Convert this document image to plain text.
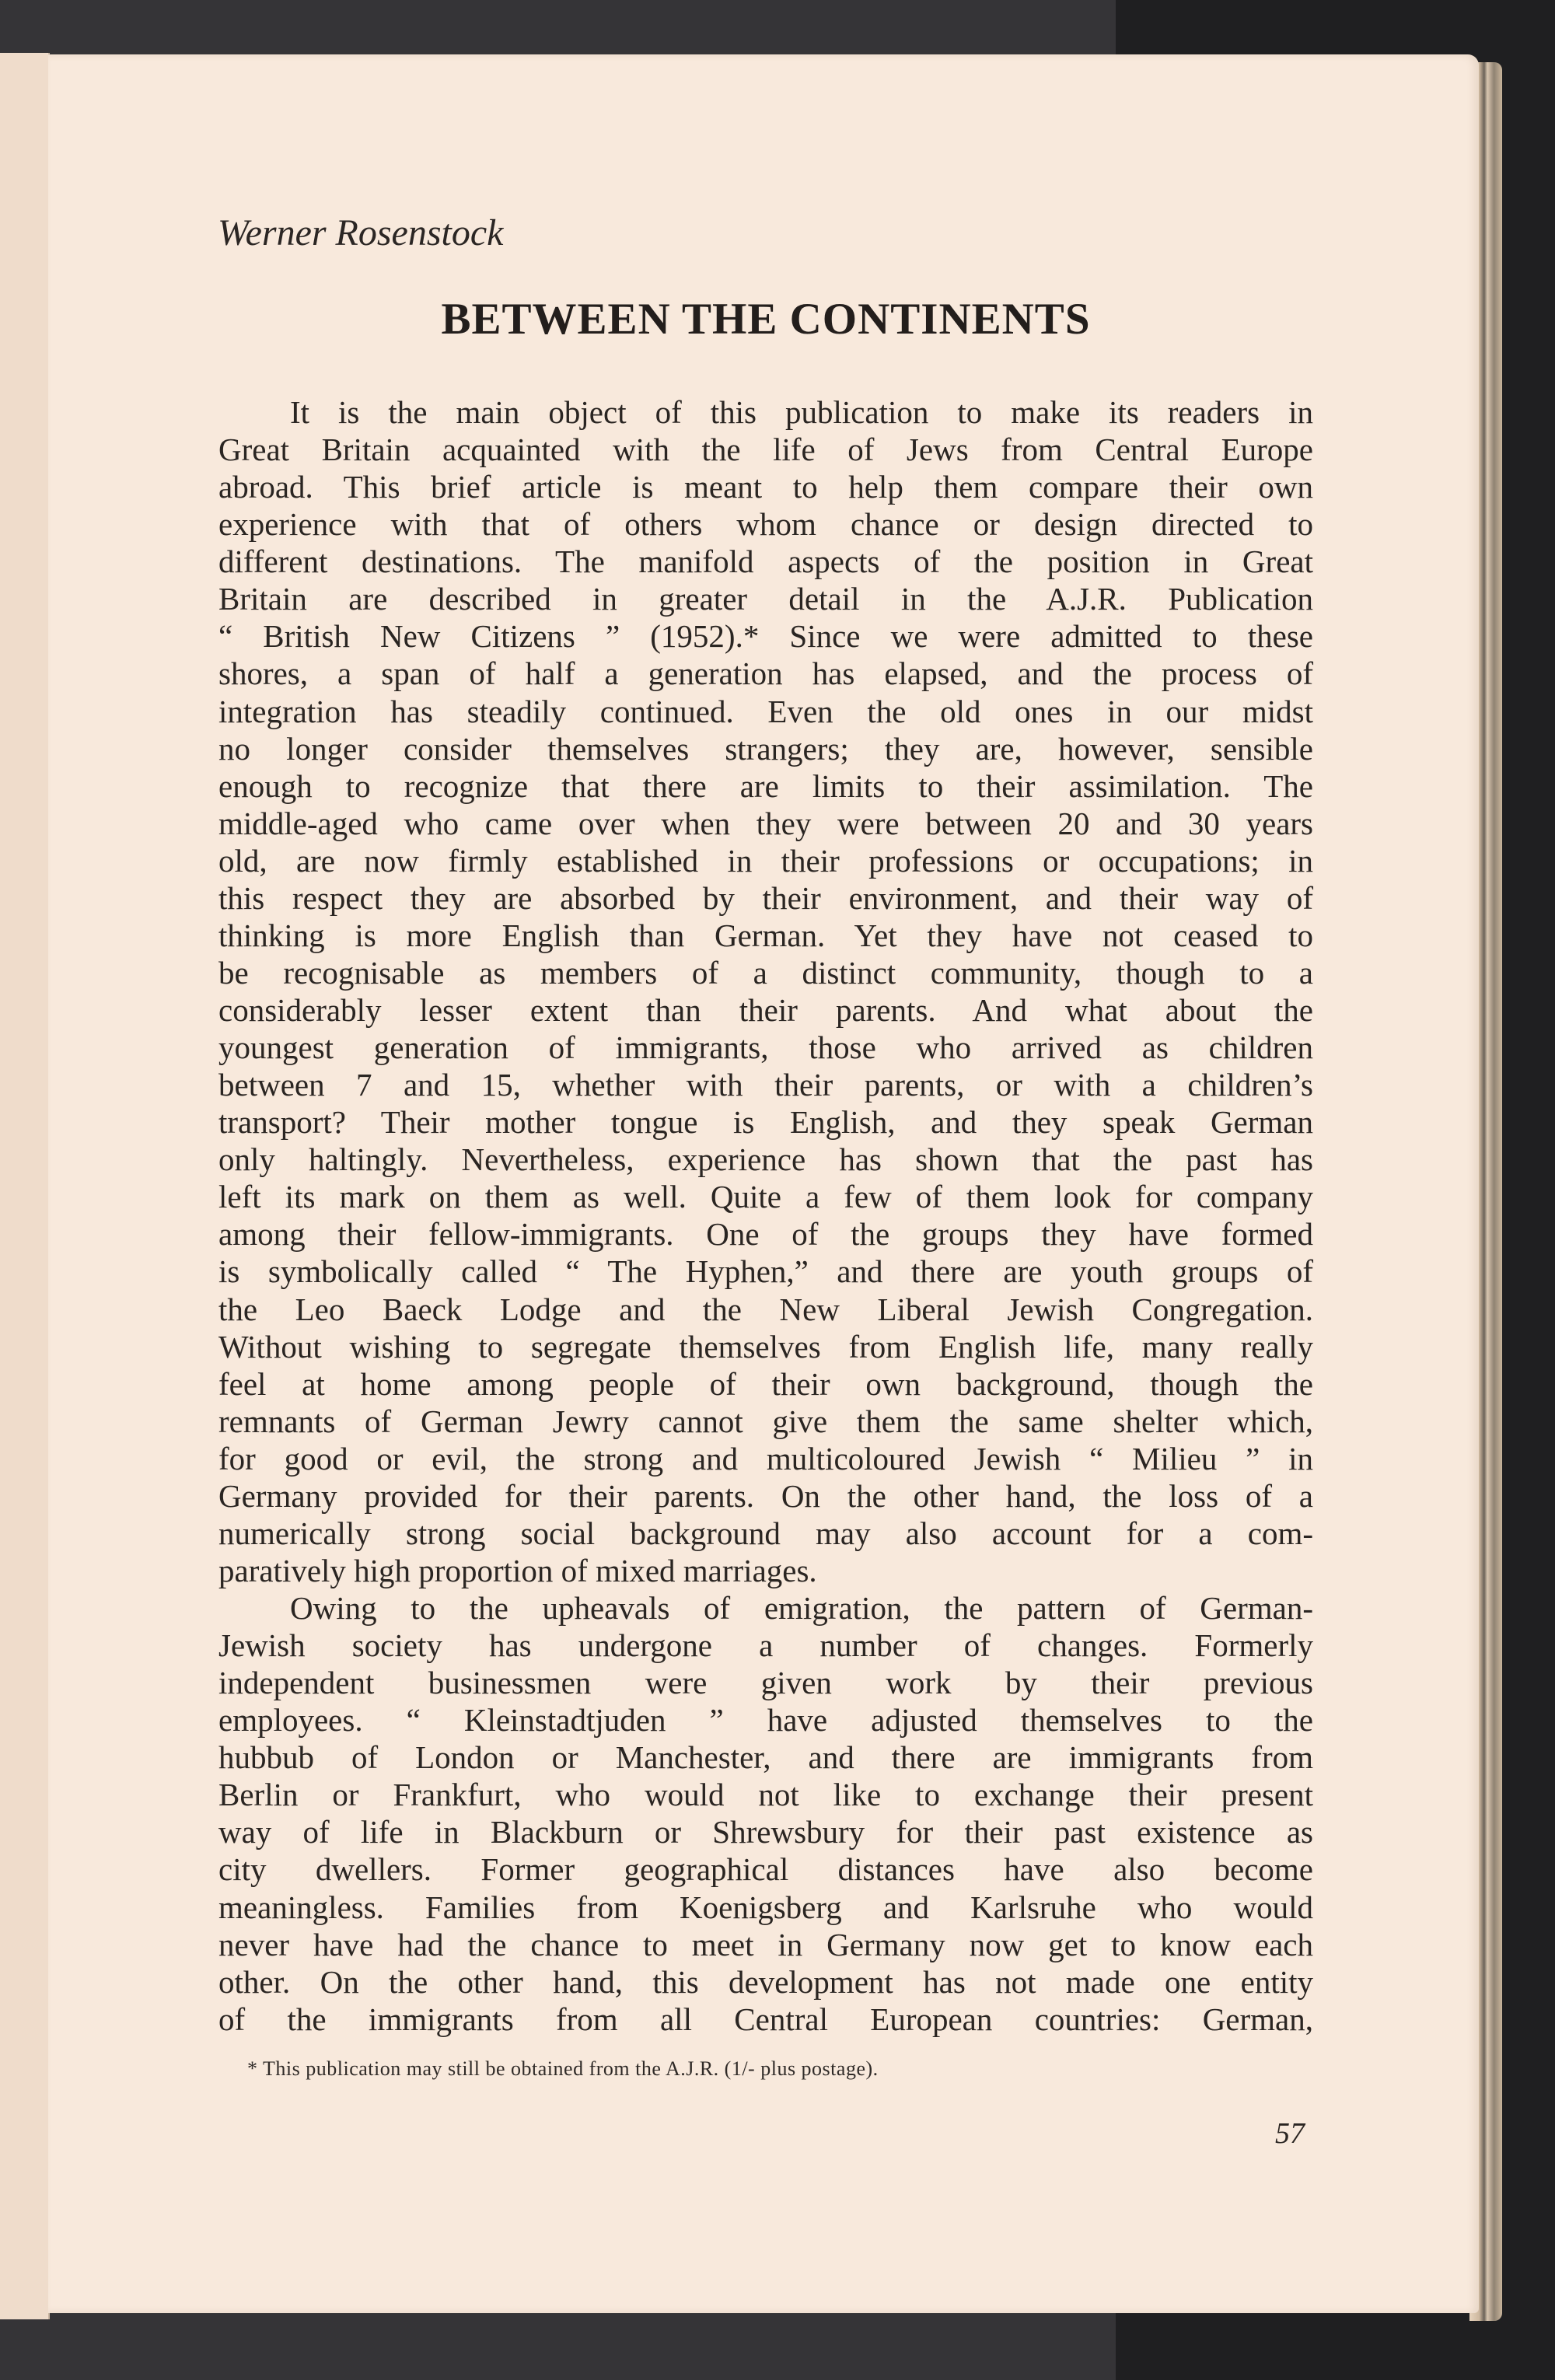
Werner Rosenstock
BETWEEN THE CONTINENTS
It is the main object of this publication to make its readers in
Great Britain acquainted with the life of Jews from Central Europe
abroad. This brief article is meant to help them compare their own
experience with that of others whom chance or design directed to
different destinations. The manifold aspects of the position in Great
Britain are described in greater detail in the A.J.R. Publication
“ British New Citizens ” (1952).* Since we were admitted to these
shores, a span of half a generation has elapsed, and the process of
integration has steadily continued. Even the old ones in our midst
no longer consider themselves strangers; they are, however, sensible
enough to recognize that there are limits to their assimilation. The
middle-aged who came over when they were between 20 and 30 years
old, are now firmly established in their professions or occupations; in
this respect they are absorbed by their environment, and their way of
thinking is more English than German. Yet they have not ceased to
be recognisable as members of a distinct community, though to a
considerably lesser extent than their parents. And what about the
youngest generation of immigrants, those who arrived as children
between 7 and 15, whether with their parents, or with a children’s
transport? Their mother tongue is English, and they speak German
only haltingly. Nevertheless, experience has shown that the past has
left its mark on them as well. Quite a few of them look for company
among their fellow-immigrants. One of the groups they have formed
is symbolically called “ The Hyphen,” and there are youth groups of
the Leo Baeck Lodge and the New Liberal Jewish Congregation.
Without wishing to segregate themselves from English life, many really
feel at home among people of their own background, though the
remnants of German Jewry cannot give them the same shelter which,
for good or evil, the strong and multicoloured Jewish “ Milieu ” in
Germany provided for their parents. On the other hand, the loss of a
numerically strong social background may also account for a com-
paratively high proportion of mixed marriages.
Owing to the upheavals of emigration, the pattern of German-
Jewish society has undergone a number of changes. Formerly
independent businessmen were given work by their previous
employees. “ Kleinstadtjuden ” have adjusted themselves to the
hubbub of London or Manchester, and there are immigrants from
Berlin or Frankfurt, who would not like to exchange their present
way of life in Blackburn or Shrewsbury for their past existence as
city dwellers. Former geographical distances have also become
meaningless. Families from Koenigsberg and Karlsruhe who would
never have had the chance to meet in Germany now get to know each
other. On the other hand, this development has not made one entity
of the immigrants from all Central European countries: German,
* This publication may still be obtained from the A.J.R. (1/- plus postage).
57
